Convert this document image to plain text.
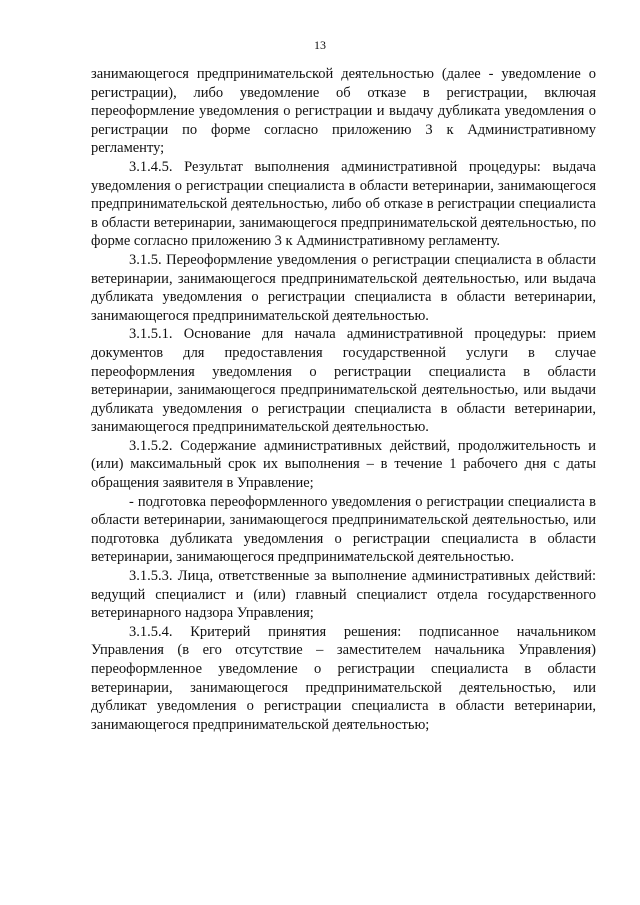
13

занимающегося предпринимательской деятельностью (далее - уведомление о регистрации), либо уведомление об отказе в регистрации, включая переоформление уведомления о регистрации и выдачу дубликата уведомления о регистрации по форме согласно приложению 3 к Административному регламенту;

3.1.4.5. Результат выполнения административной процедуры: выдача уведомления о регистрации специалиста в области ветеринарии, занимающегося предпринимательской деятельностью, либо об отказе в регистрации специалиста в области ветеринарии, занимающегося предпринимательской деятельностью, по форме согласно приложению 3 к Административному регламенту.

3.1.5. Переоформление уведомления о регистрации специалиста в области ветеринарии, занимающегося предпринимательской деятельностью, или выдача дубликата уведомления о регистрации специалиста в области ветеринарии, занимающегося предпринимательской деятельностью.

3.1.5.1. Основание для начала административной процедуры: прием документов для предоставления государственной услуги в случае переоформления уведомления о регистрации специалиста в области ветеринарии, занимающегося предпринимательской деятельностью, или выдачи дубликата уведомления о регистрации специалиста в области ветеринарии, занимающегося предпринимательской деятельностью.

3.1.5.2. Содержание административных действий, продолжительность и (или) максимальный срок их выполнения – в течение 1 рабочего дня с даты обращения заявителя в Управление;

- подготовка переоформленного уведомления о регистрации специалиста в области ветеринарии, занимающегося предпринимательской деятельностью, или подготовка дубликата уведомления о регистрации специалиста в области ветеринарии, занимающегося предпринимательской деятельностью.

3.1.5.3. Лица, ответственные за выполнение административных действий: ведущий специалист и (или) главный специалист отдела государственного ветеринарного надзора Управления;

3.1.5.4. Критерий принятия решения: подписанное начальником Управления (в его отсутствие – заместителем начальника Управления) переоформленное уведомление о регистрации специалиста в области ветеринарии, занимающегося предпринимательской деятельностью, или дубликат уведомления о регистрации специалиста в области ветеринарии, занимающегося предпринимательской деятельностью;
